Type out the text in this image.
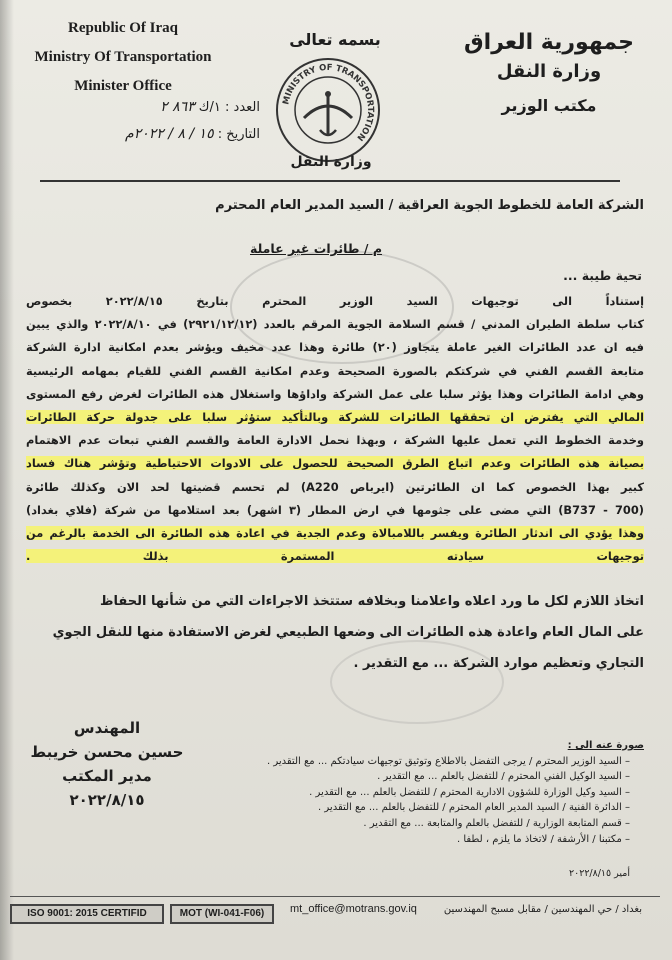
Republic Of Iraq
Ministry Of Transportation
Minister Office
جمهورية العراق
وزارة النقل
مكتب الوزير
بسمه تعالى
MINISTRY OF TRANSPORTATION
وزارة النقل
العدد : ١/ك ٨٦٣ ٢
التاريخ : ١٥ / ٨ / ٢٠٢٢م
الشركة العامة للخطوط الجوية العراقية / السيد المدير العام المحترم
م / طائرات غير عاملة
تحية طيبة ...

إستناداً الى توجيهات السيد الوزير المحترم بتاريخ ٢٠٢٢/٨/١٥ بخصوص

كتاب سلطة الطيران المدني / قسم السلامة الجوية المرقم بالعدد (٢٩٢١/١٢/١٢) في ٢٠٢٢/٨/١٠ والذي يبين

فيه ان عدد الطائرات الغير عاملة يتجاوز (٢٠) طائرة وهذا عدد مخيف ويؤشر بعدم امكانية ادارة الشركة

متابعة القسم الفني في شركتكم بالصورة الصحيحة وعدم امكانية القسم الفني للقيام بمهامه الرئيسية

وهي ادامة الطائرات وهذا يؤثر سلبا على عمل الشركة واداؤها واستغلال هذه الطائرات لغرض رفع المستوى

المالي التي يفترض ان تحققها الطائرات للشركة وبالتأكيد ستؤثر سلبا على جدولة حركة الطائرات

وخدمة الخطوط التي تعمل عليها الشركة ، وبهذا نحمل الادارة العامة والقسم الفني تبعات عدم الاهتمام

بصيانة هذه الطائرات وعدم اتباع الطرق الصحيحة للحصول على الادوات الاحتياطية وتؤشر هناك فساد

كبير بهذا الخصوص كما ان الطائرتين (ايرباص A220) لم تحسم قضيتها لحد الان وكذلك طائرة

(B737 - 700) التي مضى على جثومها في ارض المطار (٣ اشهر) بعد استلامها من شركة (فلاي بغداد)

وهذا يؤدي الى اندثار الطائرة ويفسر باللامبالاة وعدم الجدية في اعادة هذه الطائرة الى الخدمة بالرغم من

توجيهات سيادته المستمرة بذلك .

اتخاذ اللازم لكل ما ورد اعلاه واعلامنا وبخلافه ستتخذ الاجراءات التي من شأنها الحفاظ

على المال العام واعادة هذه الطائرات الى وضعها الطبيعي لغرض الاستفادة منها للنقل الجوي

التجاري وتعظيم موارد الشركة ... مع التقدير .

المهندس
حسين محسن خريبط
مدير المكتب
٢٠٢٢/٨/١٥
صورة عنه الى :
– السيد الوزير المحترم / يرجى التفضل بالاطلاع وتوثيق توجيهات سيادتكم ... مع التقدير .
– السيد الوكيل الفني المحترم / للتفضل بالعلم ... مع التقدير .
– السيد وكيل الوزارة للشؤون الادارية المحترم / للتفضل بالعلم ... مع التقدير .
– الدائرة الفنية / السيد المدير العام المحترم / للتفضل بالعلم ... مع التقدير .
– قسم المتابعة الوزارية / للتفضل بالعلم والمتابعة ... مع التقدير .
– مكتبنا / الأرشفة / لاتخاذ ما يلزم ، لطفا .
أمير ٢٠٢٢/٨/١٥
ISO 9001: 2015 CERTIFID	MOT (WI-041-F06)	mt_office@motrans.gov.iq	بغداد / حي المهندسين / مقابل مسبح المهندسين
